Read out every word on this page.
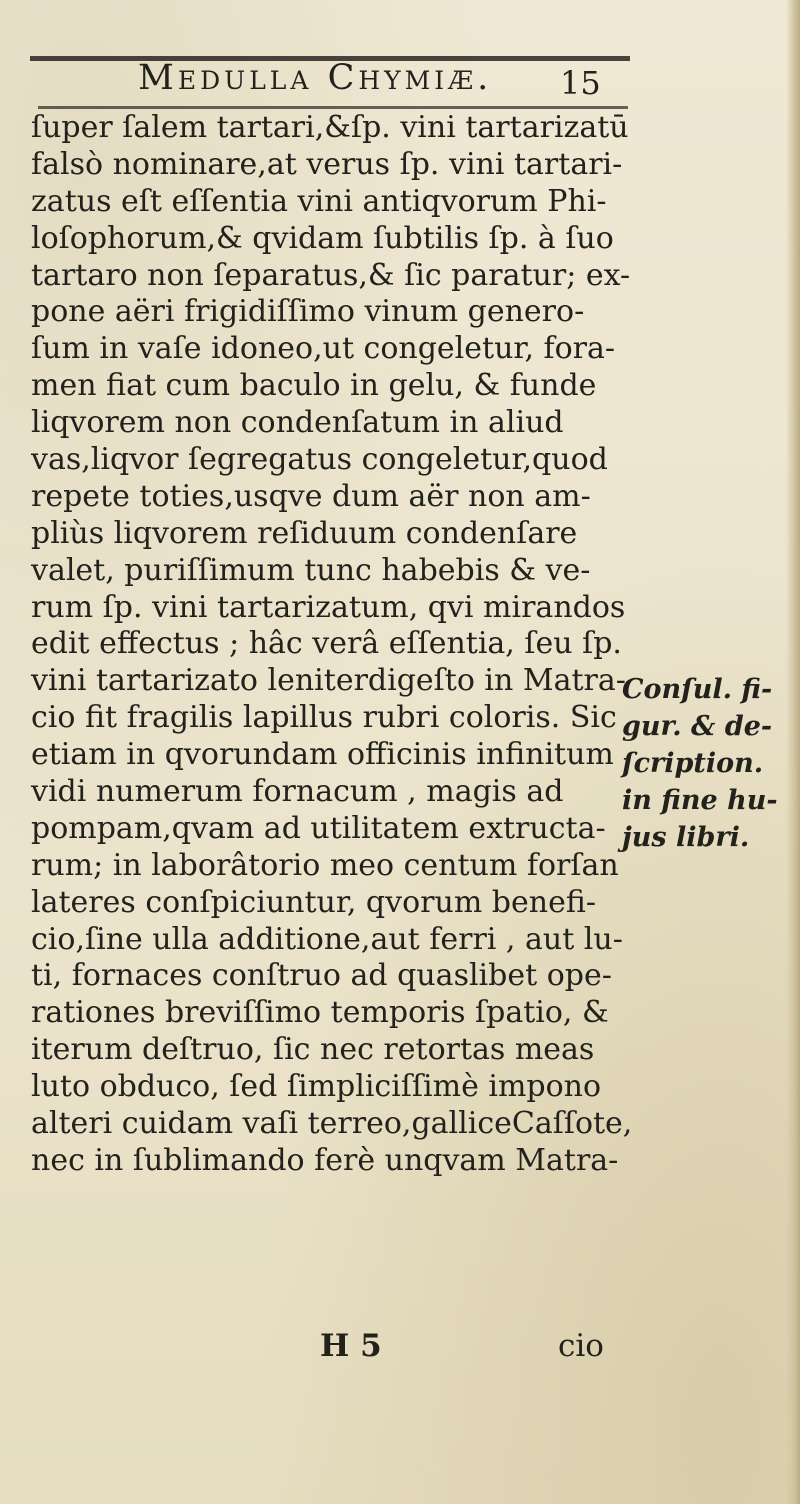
Medulla Chymiæ. 15
ſuper ſalem tartari,&ſp. vini tartarizatū
falsò nominare,at verus ſp. vini tartari-
zatus eſt eſſentia vini antiqvorum Phi-
loſophorum,& qvidam ſubtilis ſp. à ſuo
tartaro non ſeparatus,& ſic paratur; ex-
pone aëri frigidiſſimo vinum genero-
ſum in vaſe idoneo,ut congeletur, fora-
men fiat cum baculo in gelu, & funde
liqvorem non condenſatum in aliud
vas,liqvor ſegregatus congeletur,quod
repete toties,usqve dum aër non am-
pliùs liqvorem reſiduum condenſare
valet, puriſſimum tunc habebis & ve-
rum ſp. vini tartarizatum, qvi mirandos
edit effectus ; hâc verâ eſſentia, ſeu ſp.
vini tartarizato leniterdigeſto in Matra-
cio fit fragilis lapillus rubri coloris. Sic
etiam in qvorundam officinis infinitum
vidi numerum fornacum , magis ad
pompam,qvam ad utilitatem extructa-
rum; in laborâtorio meo centum forſan
lateres conſpiciuntur, qvorum benefi-
cio,ſine ulla additione,aut ferri , aut lu-
ti, fornaces conſtruo ad quaslibet ope-
rationes breviſſimo temporis ſpatio, &
iterum deſtruo, ſic nec retortas meas
luto obduco, ſed ſimpliciſſimè impono
alteri cuidam vaſi terreo,galliceCaſſote,
nec in ſublimando ferè unqvam Matra-
Conſul. fi-
gur. & de-
ſcription.
in fine hu-
jus libri.
H 5	cio
